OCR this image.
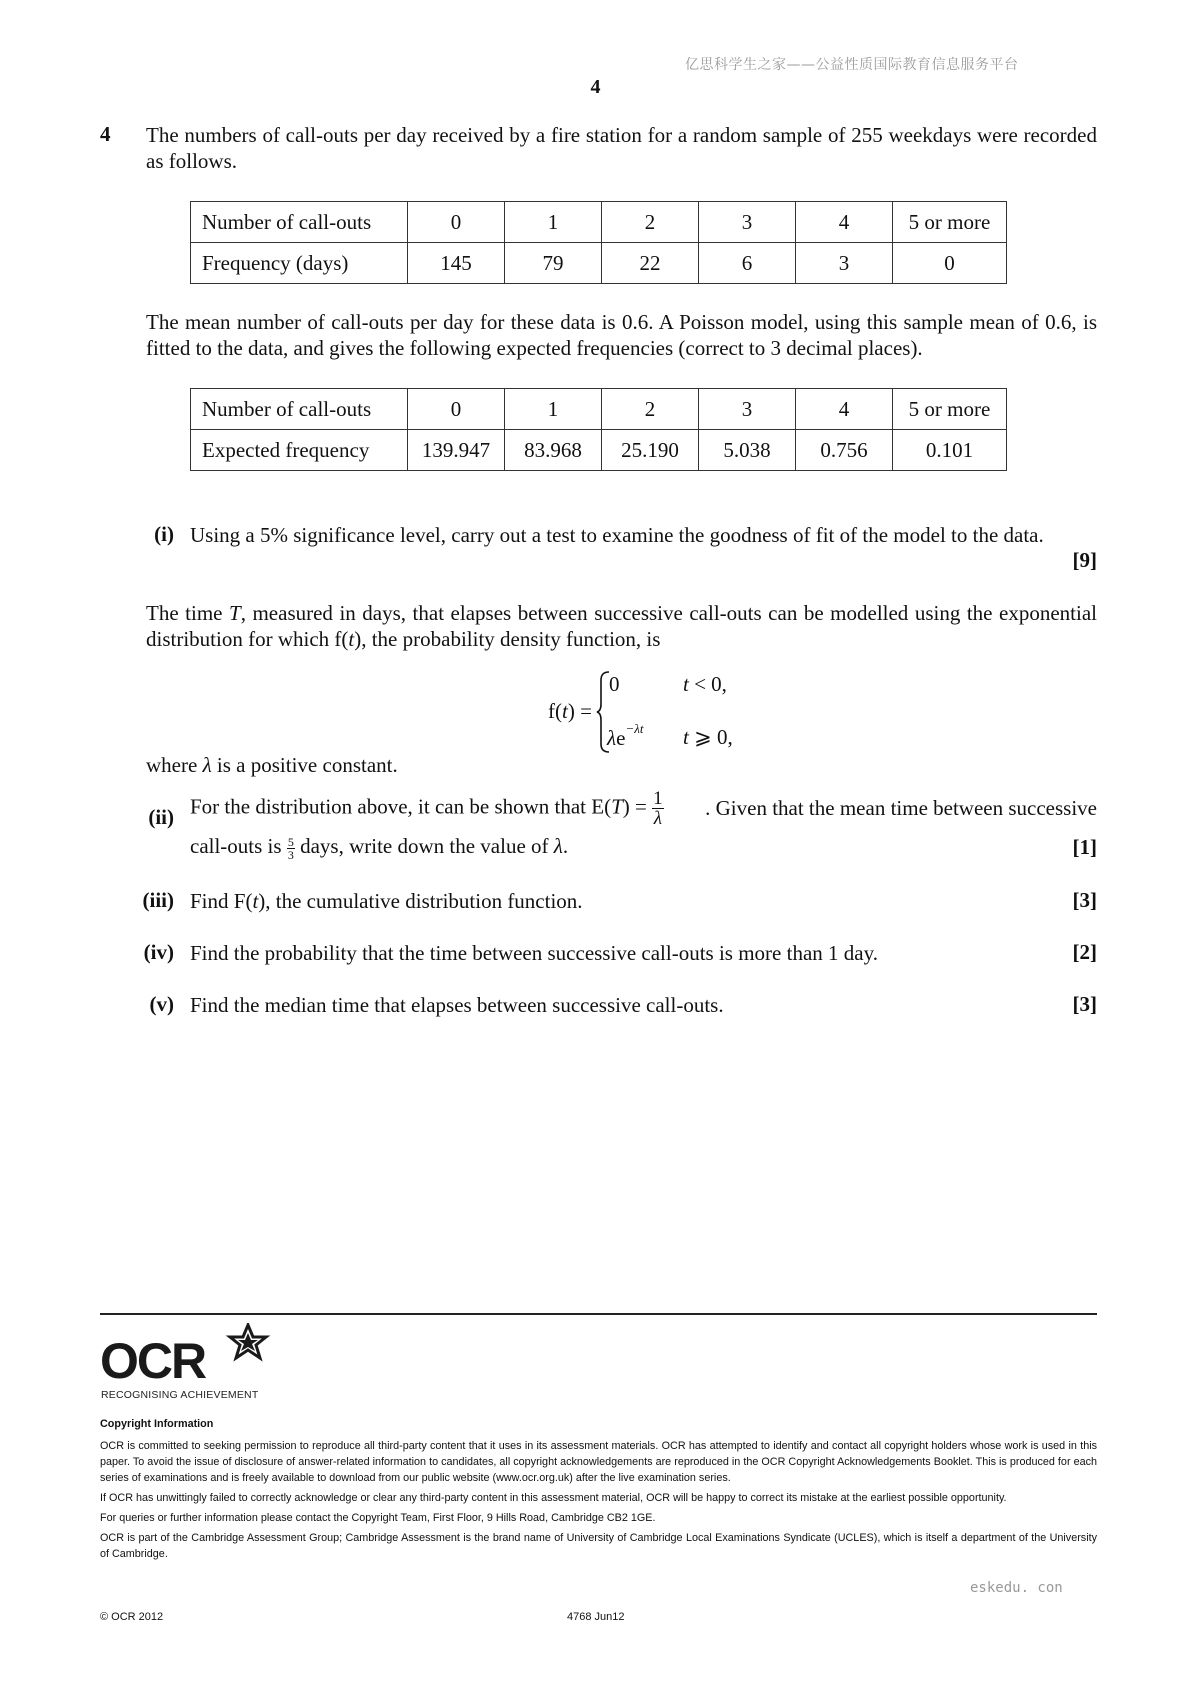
亿思科学生之家——公益性质国际教育信息服务平台
4
4 The numbers of call-outs per day received by a fire station for a random sample of 255 weekdays were recorded as follows.

Number of call-outs	0	1	2	3	4	5 or more
Frequency (days)	145	79	22	6	3	0

The mean number of call-outs per day for these data is 0.6. A Poisson model, using this sample mean of 0.6, is fitted to the data, and gives the following expected frequencies (correct to 3 decimal places).

Number of call-outs	0	1	2	3	4	5 or more
Expected frequency	139.947	83.968	25.190	5.038	0.756	0.101
(i) Using a 5% significance level, carry out a test to examine the goodness of fit of the model to the data.
[9]

The time T, measured in days, that elapses between successive call-outs can be modelled using the exponential distribution for which f(t), the probability density function, is

f(t) =
0	t < 0,
$\lambda e^{-\lambda t}$ t ⩾ 0,

where λ is a positive constant.

(ii) For the distribution above, it can be shown that $E(T) = \frac{1}{\lambda}$ . Given that the mean time between successive
call-outs is $\frac{5}{3}$ days, write down the value of λ.	[1]
(iii) Find F(t), the cumulative distribution function.	[3]
(iv) Find the probability that the time between successive call-outs is more than 1 day.	[2]
(v) Find the median time that elapses between successive call-outs.	[3]
OCR
RECOGNISING ACHIEVEMENT

Copyright Information

OCR is committed to seeking permission to reproduce all third-party content that it uses in its assessment materials. OCR has attempted to identify and contact all copyright holders whose work is used in this paper. To avoid the issue of disclosure of answer-related information to candidates, all copyright acknowledgements are reproduced in the OCR Copyright Acknowledgements Booklet. This is produced for each series of examinations and is freely available to download from our public website (www.ocr.org.uk) after the live examination series.

If OCR has unwittingly failed to correctly acknowledge or clear any third-party content in this assessment material, OCR will be happy to correct its mistake at the earliest possible opportunity.

For queries or further information please contact the Copyright Team, First Floor, 9 Hills Road, Cambridge CB2 1GE.

OCR is part of the Cambridge Assessment Group; Cambridge Assessment is the brand name of University of Cambridge Local Examinations Syndicate (UCLES), which is itself a department of the University of Cambridge.

eskedu. con
© OCR 2012	4768 Jun12
